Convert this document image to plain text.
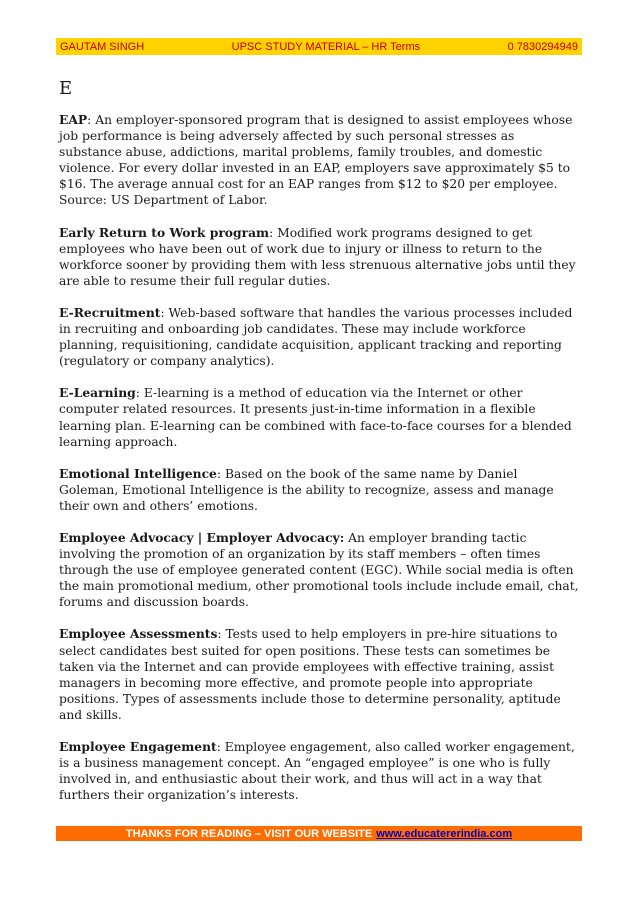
GAUTAM SINGH	UPSC STUDY MATERIAL – HR Terms	0 7830294949
E

EAP: An employer-sponsored program that is designed to assist employees whose job performance is being adversely affected by such personal stresses as substance abuse, addictions, marital problems, family troubles, and domestic violence. For every dollar invested in an EAP, employers save approximately $5 to $16. The average annual cost for an EAP ranges from $12 to $20 per employee. Source: US Department of Labor.

Early Return to Work program: Modified work programs designed to get employees who have been out of work due to injury or illness to return to the workforce sooner by providing them with less strenuous alternative jobs until they are able to resume their full regular duties.

E-Recruitment: Web-based software that handles the various processes included in recruiting and onboarding job candidates. These may include workforce planning, requisitioning, candidate acquisition, applicant tracking and reporting (regulatory or company analytics).

E-Learning: E-learning is a method of education via the Internet or other computer related resources. It presents just-in-time information in a flexible learning plan. E-learning can be combined with face-to-face courses for a blended learning approach.

Emotional Intelligence: Based on the book of the same name by Daniel Goleman, Emotional Intelligence is the ability to recognize, assess and manage their own and others’ emotions.

Employee Advocacy | Employer Advocacy: An employer branding tactic involving the promotion of an organization by its staff members – often times through the use of employee generated content (EGC). While social media is often the main promotional medium, other promotional tools include include email, chat, forums and discussion boards.

Employee Assessments: Tests used to help employers in pre-hire situations to select candidates best suited for open positions. These tests can sometimes be taken via the Internet and can provide employees with effective training, assist managers in becoming more effective, and promote people into appropriate positions. Types of assessments include those to determine personality, aptitude and skills.

Employee Engagement: Employee engagement, also called worker engagement, is a business management concept. An “engaged employee” is one who is fully involved in, and enthusiastic about their work, and thus will act in a way that furthers their organization’s interests.

THANKS FOR READING – VISIT OUR WEBSITE www.educatererindia.com
